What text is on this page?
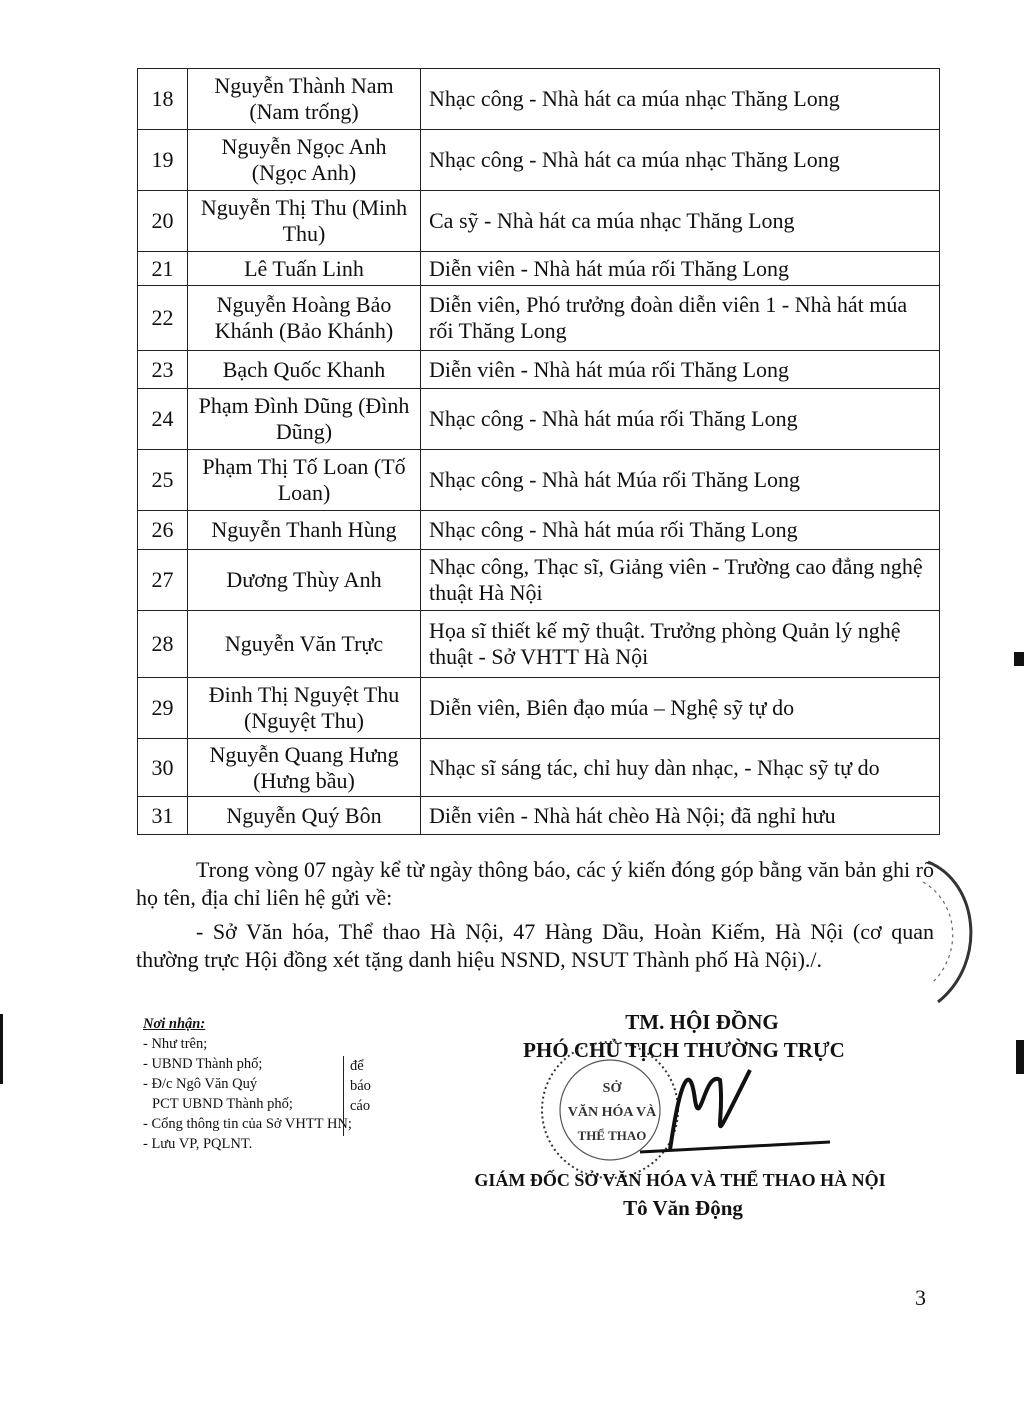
18	Nguyễn Thành Nam (Nam trống)	Nhạc công - Nhà hát ca múa nhạc Thăng Long
19	Nguyễn Ngọc Anh (Ngọc Anh)	Nhạc công - Nhà hát ca múa nhạc Thăng Long
20	Nguyễn Thị Thu (Minh Thu)	Ca sỹ - Nhà hát ca múa nhạc Thăng Long
21	Lê Tuấn Linh	Diễn viên - Nhà hát múa rối Thăng Long
22	Nguyễn Hoàng Bảo Khánh (Bảo Khánh)	Diễn viên, Phó trưởng đoàn diễn viên 1 - Nhà hát múa rối Thăng Long
23	Bạch Quốc Khanh	Diễn viên - Nhà hát múa rối Thăng Long
24	Phạm Đình Dũng (Đình Dũng)	Nhạc công - Nhà hát múa rối Thăng Long
25	Phạm Thị Tố Loan (Tố Loan)	Nhạc công - Nhà hát Múa rối Thăng Long
26	Nguyễn Thanh Hùng	Nhạc công - Nhà hát múa rối Thăng Long
27	Dương Thùy Anh	Nhạc công, Thạc sĩ, Giảng viên - Trường cao đẳng nghệ thuật Hà Nội
28	Nguyễn Văn Trực	Họa sĩ thiết kế mỹ thuật. Trưởng phòng Quản lý nghệ thuật - Sở VHTT Hà Nội
29	Đinh Thị Nguyệt Thu (Nguyệt Thu)	Diễn viên, Biên đạo múa – Nghệ sỹ tự do
30	Nguyễn Quang Hưng (Hưng bầu)	Nhạc sĩ sáng tác, chỉ huy dàn nhạc, - Nhạc sỹ tự do
31	Nguyễn Quý Bôn	Diễn viên - Nhà hát chèo Hà Nội; đã nghỉ hưu
Trong vòng 07 ngày kể từ ngày thông báo, các ý kiến đóng góp bằng văn bản ghi rõ họ tên, địa chỉ liên hệ gửi về:
- Sở Văn hóa, Thể thao Hà Nội, 47 Hàng Dầu, Hoàn Kiếm, Hà Nội (cơ quan thường trực Hội đồng xét tặng danh hiệu NSND, NSUT Thành phố Hà Nội)./.
Nơi nhận:
- Như trên;
- UBND Thành phố;
- Đ/c Ngô Văn Quý
PCT UBND Thành phố;
- Cổng thông tin của Sở VHTT HN;
- Lưu VP, PQLNT.
để
báo
cáo
TM. HỘI ĐỒNG
PHÓ CHỦ TỊCH THƯỜNG TRỰC
SỞ
VĂN HÓA VÀ
THỂ THAO
GIÁM ĐỐC SỞ VĂN HÓA VÀ THỂ THAO HÀ NỘI
Tô Văn Động
3
